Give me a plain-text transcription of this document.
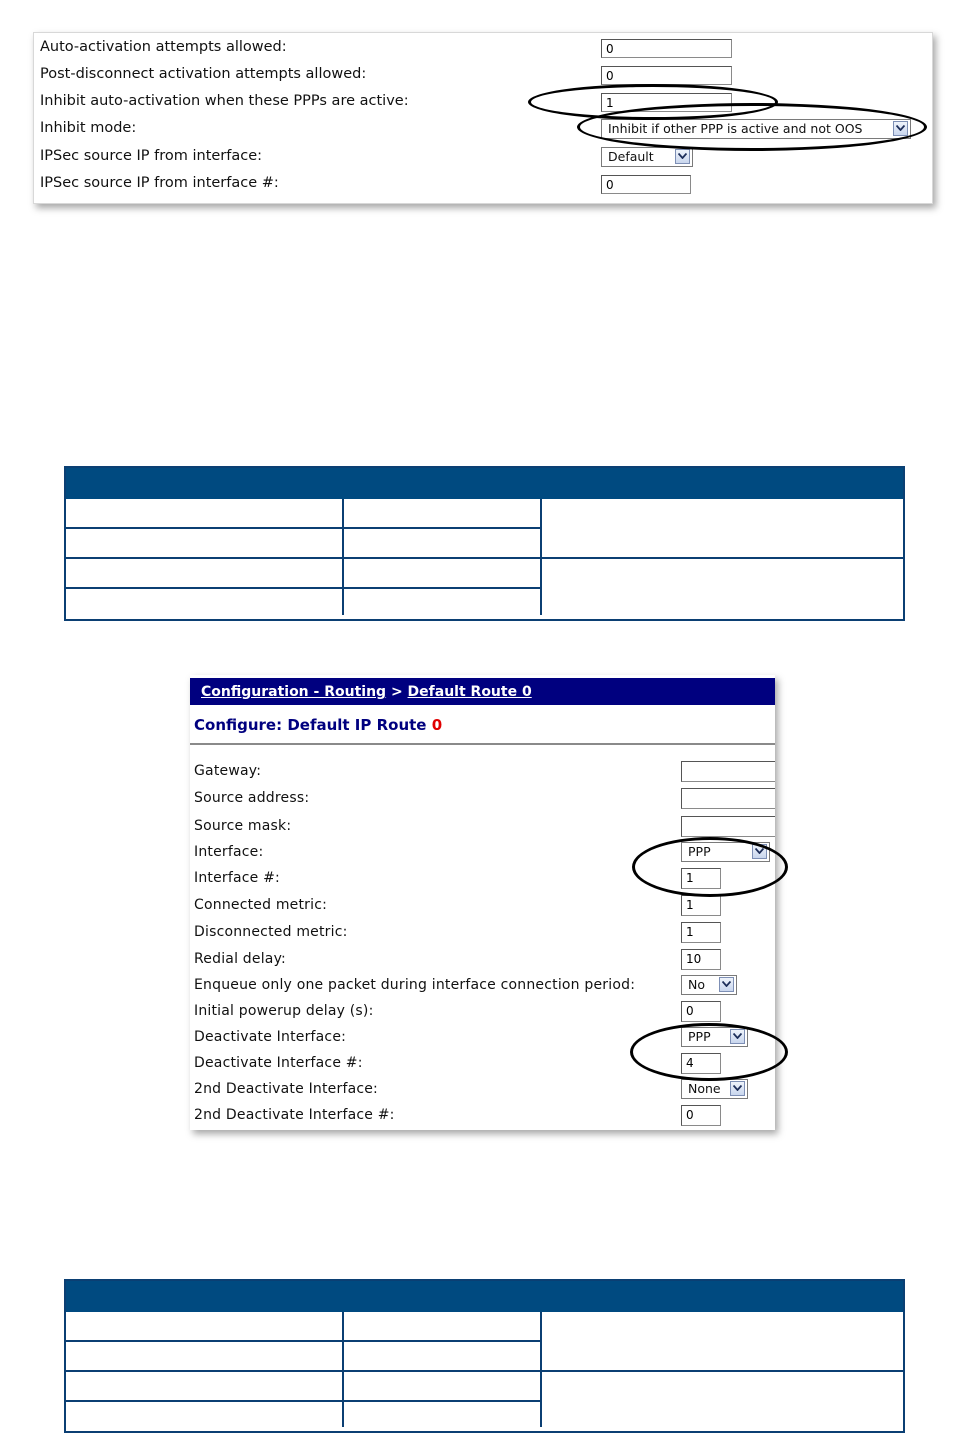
Auto-activation attempts allowed:	0
Post-disconnect activation attempts allowed:	0
Inhibit auto-activation when these PPPs are active:	1
Inhibit mode:	Inhibit if other PPP is active and not OOS
IPSec source IP from interface:	Default
IPSec source IP from interface #:	0
Configuration - Routing > Default Route 0
Configure: Default IP Route 0
Gateway:
Source address:
Source mask:
Interface:	PPP
Interface #:	1
Connected metric:	1
Disconnected metric:	1
Redial delay:	10
Enqueue only one packet during interface connection period:	No
Initial powerup delay (s):	0
Deactivate Interface:	PPP
Deactivate Interface #:	4
2nd Deactivate Interface:	None
2nd Deactivate Interface #:	0
